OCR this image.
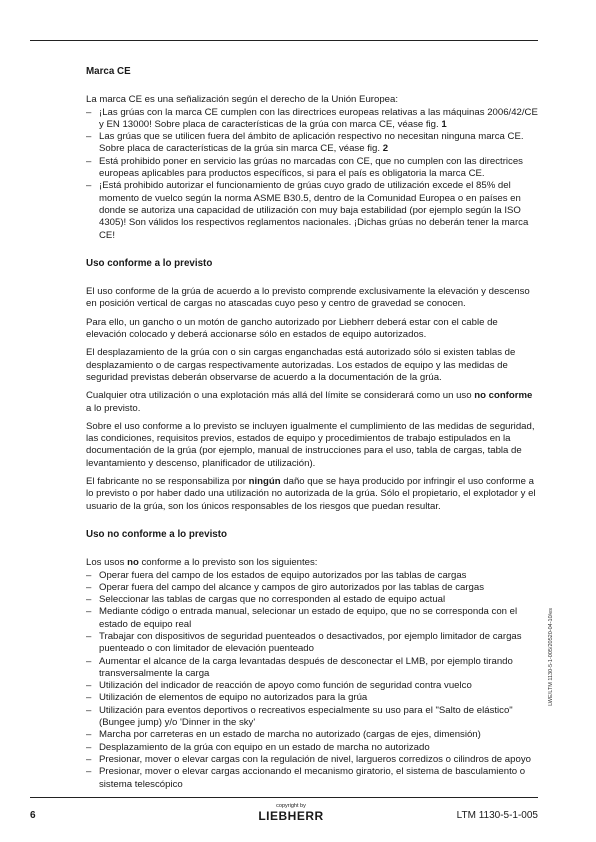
Marca CE

La marca CE es una señalización según el derecho de la Unión Europea:

– ¡Las grúas con la marca CE cumplen con las directrices europeas relativas a las máquinas 2006/42/CE y EN 13000! Sobre placa de características de la grúa con marca CE, véase fig. 1
– Las grúas que se utilicen fuera del ámbito de aplicación respectivo no necesitan ninguna marca CE. Sobre placa de características de la grúa sin marca CE, véase fig. 2
– Está prohibido poner en servicio las grúas no marcadas con CE, que no cumplen con las directrices europeas aplicables para productos específicos, si para el país es obligatoria la marca CE.
– ¡Está prohibido autorizar el funcionamiento de grúas cuyo grado de utilización excede el 85% del momento de vuelco según la norma ASME B30.5, dentro de la Comunidad Europea o en países en donde se autoriza una capacidad de utilización con muy baja estabilidad (por ejemplo según la ISO 4305)! Son válidos los respectivos reglamentos nacionales. ¡Dichas grúas no deberán tener la marca CE!
Uso conforme a lo previsto

El uso conforme de la grúa de acuerdo a lo previsto comprende exclusivamente la elevación y descenso en posición vertical de cargas no atascadas cuyo peso y centro de gravedad se conocen.

Para ello, un gancho o un motón de gancho autorizado por Liebherr deberá estar con el cable de elevación colocado y deberá accionarse sólo en estados de equipo autorizados.

El desplazamiento de la grúa con o sin cargas enganchadas está autorizado sólo si existen tablas de desplazamiento o de cargas respectivamente autorizadas. Los estados de equipo y las medidas de seguridad previstas deberán observarse de acuerdo a la documentación de la grúa.

Cualquier otra utilización o una explotación más allá del límite se considerará como un uso no conforme a lo previsto.

Sobre el uso conforme a lo previsto se incluyen igualmente el cumplimiento de las medidas de seguridad, las condiciones, requisitos previos, estados de equipo y procedimientos de trabajo estipulados en la documentación de la grúa (por ejemplo, manual de instrucciones para el uso, tabla de cargas, tabla de levantamiento y descenso, planificador de utilización).

El fabricante no se responsabiliza por ningún daño que se haya producido por infringir el uso conforme a lo previsto o por haber dado una utilización no autorizada de la grúa. Sólo el propietario, el explotador y el usuario de la grúa, son los únicos responsables de los riesgos que puedan resultar.

Uso no conforme a lo previsto

Los usos no conforme a lo previsto son los siguientes:

– Operar fuera del campo de los estados de equipo autorizados por las tablas de cargas
– Operar fuera del campo del alcance y campos de giro autorizados por las tablas de cargas
– Seleccionar las tablas de cargas que no corresponden al estado de equipo actual
– Mediante código o entrada manual, selecionar un estado de equipo, que no se corresponda con el estado de equipo real
– Trabajar con dispositivos de seguridad puenteados o desactivados, por ejemplo limitador de cargas puenteado o con limitador de elevación puenteado
– Aumentar el alcance de la carga levantadas después de desconectar el LMB, por ejemplo tirando transversalmente la carga
– Utilización del indicador de reacción de apoyo como función de seguridad contra vuelco
– Utilización de elementos de equipo no autorizados para la grúa
– Utilización para eventos deportivos o recreativos especialmente su uso para el "Salto de elástico" (Bungee jump) y/o 'Dinner in the sky'
– Marcha por carreteras en un estado de marcha no autorizado (cargas de ejes, dimensión)
– Desplazamiento de la grúa con equipo en un estado de marcha no autorizado
– Presionar, mover o elevar cargas con la regulación de nivel, largueros corredizos o cilindros de apoyo
– Presionar, mover o elevar cargas accionando el mecanismo giratorio, el sistema de basculamiento o sistema telescópico
LWE/LTM 1130-5-1-005/20520-04-10/es
6
copyright by
LIEBHERR	LTM 1130-5-1-005
